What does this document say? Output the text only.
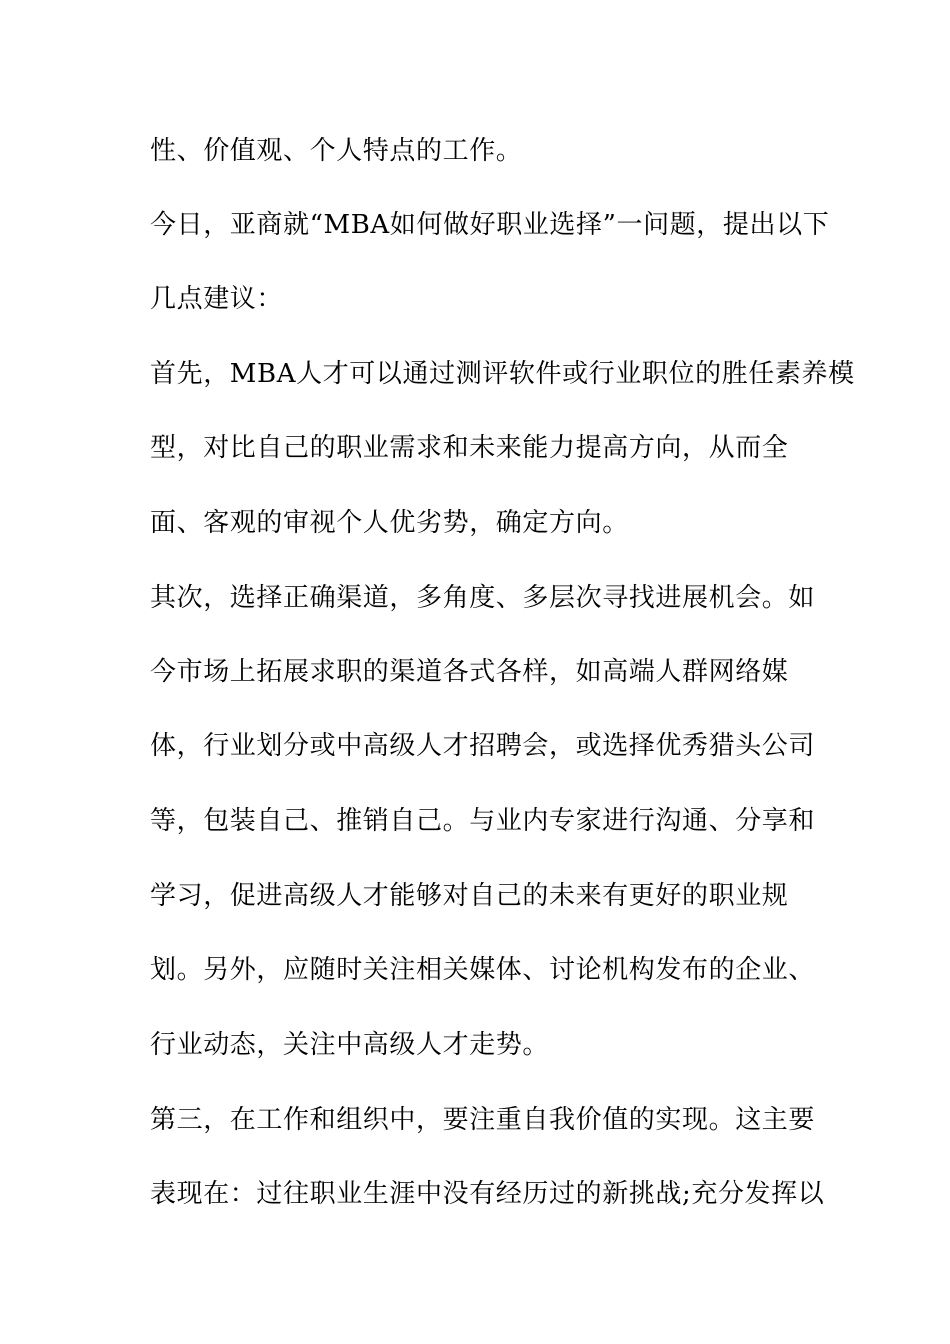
性、价值观、个人特点的工作。
今日，亚商就“MBA如何做好职业选择”一问题，提出以下
几点建议：
首先，MBA人才可以通过测评软件或行业职位的胜任素养模
型，对比自己的职业需求和未来能力提高方向，从而全
面、客观的审视个人优劣势，确定方向。
其次，选择正确渠道，多角度、多层次寻找进展机会。如
今市场上拓展求职的渠道各式各样，如高端人群网络媒
体，行业划分或中高级人才招聘会，或选择优秀猎头公司
等，包装自己、推销自己。与业内专家进行沟通、分享和
学习，促进高级人才能够对自己的未来有更好的职业规
划。另外，应随时关注相关媒体、讨论机构发布的企业、
行业动态，关注中高级人才走势。
第三，在工作和组织中，要注重自我价值的实现。这主要
表现在：过往职业生涯中没有经历过的新挑战;充分发挥以
